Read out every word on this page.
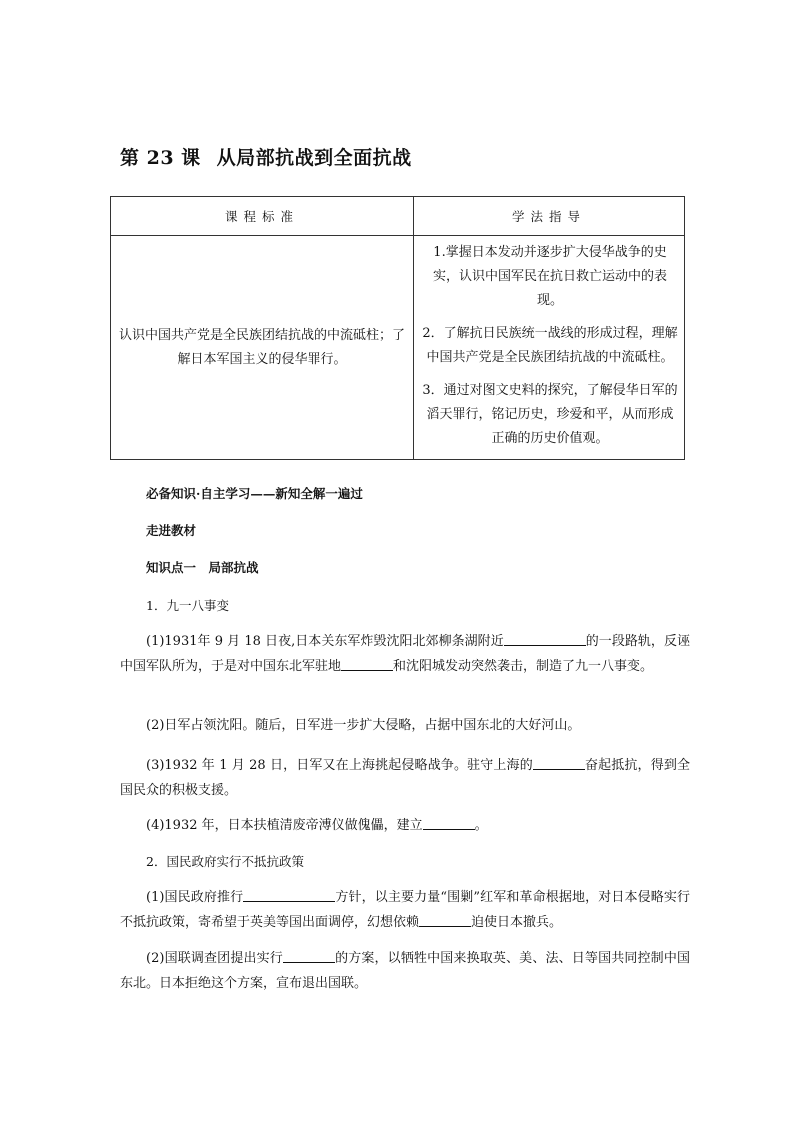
第 23 课 从局部抗战到全面抗战
课程标准	学法指导
认识中国共产党是全民族团结抗战的中流砥柱；了解日本军国主义的侵华罪行。	1.掌握日本发动并逐步扩大侵华战争的史实，认识中国军民在抗日救亡运动中的表现。
2．了解抗日民族统一战线的形成过程，理解中国共产党是全民族团结抗战的中流砥柱。
3．通过对图文史料的探究，了解侵华日军的滔天罪行，铭记历史，珍爱和平，从而形成正确的历史价值观。
必备知识·自主学习——新知全解一遍过
走进教材
知识点一　局部抗战
1．九一八事变
(1)1931年 9 月 18 日夜,日本关东军炸毁沈阳北郊柳条湖附近	的一段路轨，反诬中国军队所为，于是对中国东北军驻地	和沈阳城发动突然袭击，制造了九一八事变。
(2)日军占领沈阳。随后，日军进一步扩大侵略，占据中国东北的大好河山。
(3)1932 年 1 月 28 日，日军又在上海挑起侵略战争。驻守上海的	奋起抵抗，得到全国民众的积极支援。
(4)1932 年，日本扶植清废帝溥仪做傀儡，建立	。
2．国民政府实行不抵抗政策
(1)国民政府推行	方针，以主要力量“围剿”红军和革命根据地，对日本侵略实行不抵抗政策，寄希望于英美等国出面调停，幻想依赖	迫使日本撤兵。
(2)国联调查团提出实行	的方案，以牺牲中国来换取英、美、法、日等国共同控制中国东北。日本拒绝这个方案，宣布退出国联。
